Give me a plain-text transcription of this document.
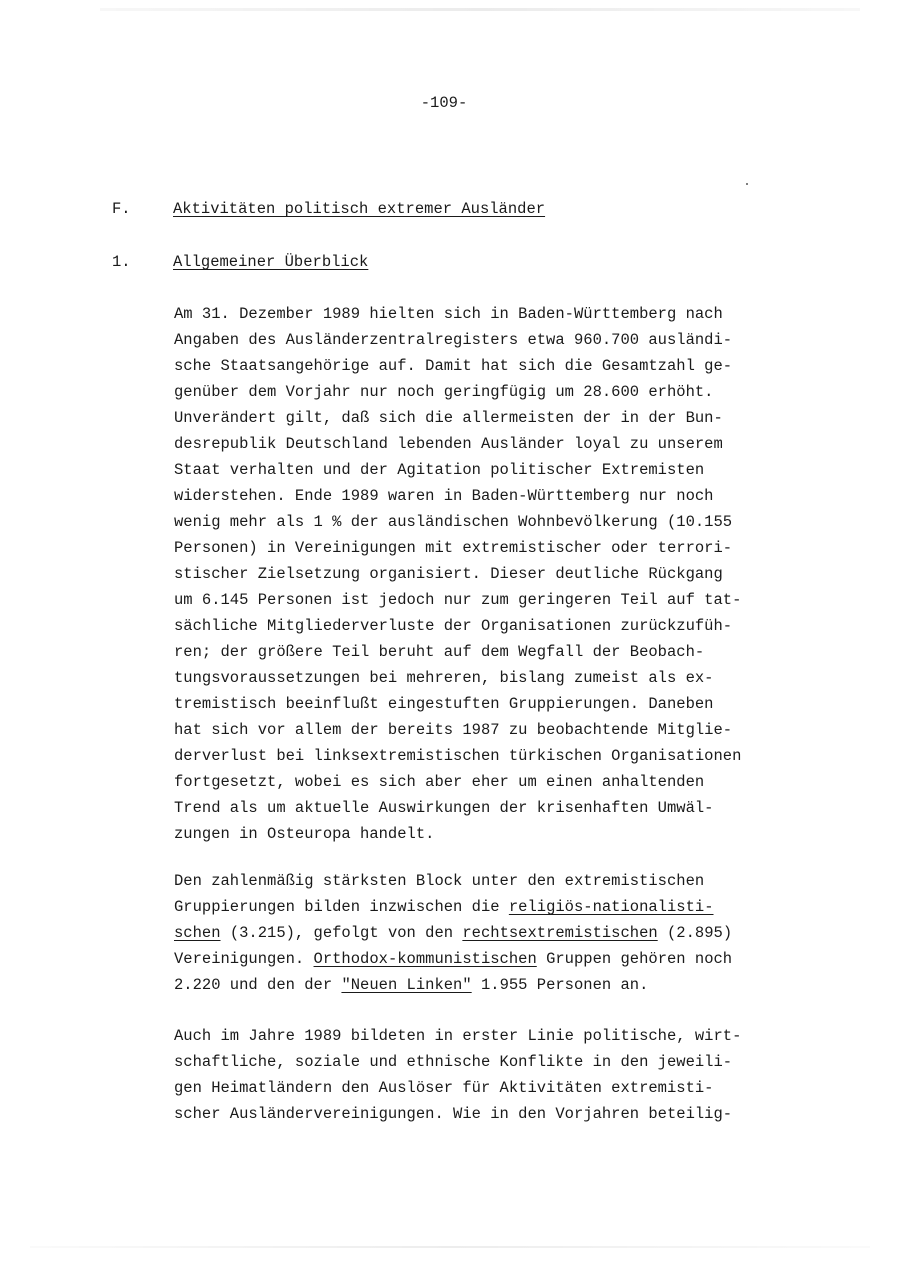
-109-
F.	Aktivitäten politisch extremer Ausländer
1.	Allgemeiner Überblick
Am 31. Dezember 1989 hielten sich in Baden-Württemberg nach
Angaben des Ausländerzentralregisters etwa 960.700 ausländi-
sche Staatsangehörige auf. Damit hat sich die Gesamtzahl ge-
genüber dem Vorjahr nur noch geringfügig um 28.600 erhöht.
Unverändert gilt, daß sich die allermeisten der in der Bun-
desrepublik Deutschland lebenden Ausländer loyal zu unserem
Staat verhalten und der Agitation politischer Extremisten
widerstehen. Ende 1989 waren in Baden-Württemberg nur noch
wenig mehr als 1 % der ausländischen Wohnbevölkerung (10.155
Personen) in Vereinigungen mit extremistischer oder terrori-
stischer Zielsetzung organisiert. Dieser deutliche Rückgang
um 6.145 Personen ist jedoch nur zum geringeren Teil auf tat-
sächliche Mitgliederverluste der Organisationen zurückzufüh-
ren; der größere Teil beruht auf dem Wegfall der Beobach-
tungsvoraussetzungen bei mehreren, bislang zumeist als ex-
tremistisch beeinflußt eingestuften Gruppierungen. Daneben
hat sich vor allem der bereits 1987 zu beobachtende Mitglie-
derverlust bei linksextremistischen türkischen Organisationen
fortgesetzt, wobei es sich aber eher um einen anhaltenden
Trend als um aktuelle Auswirkungen der krisenhaften Umwäl-
zungen in Osteuropa handelt.
Den zahlenmäßig stärksten Block unter den extremistischen
Gruppierungen bilden inzwischen die religiös-nationalisti-
schen (3.215), gefolgt von den rechtsextremistischen (2.895)
Vereinigungen. Orthodox-kommunistischen Gruppen gehören noch
2.220 und den der "Neuen Linken" 1.955 Personen an.
Auch im Jahre 1989 bildeten in erster Linie politische, wirt-
schaftliche, soziale und ethnische Konflikte in den jeweili-
gen Heimatländern den Auslöser für Aktivitäten extremisti-
scher Ausländervereinigungen. Wie in den Vorjahren beteilig-
